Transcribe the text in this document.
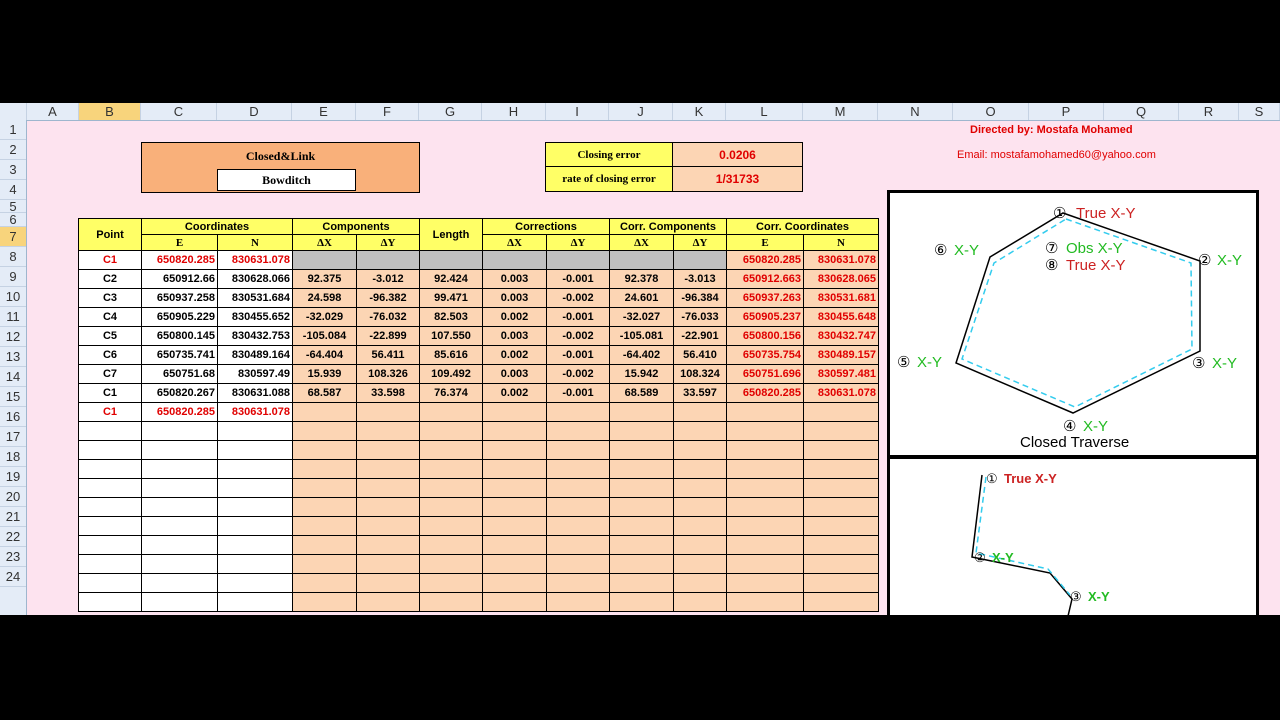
A	B	C	D	E	F	G	H	I	J	K	L	M	N	O	P	Q	R	S
1
2
3
4
5
6
7
8
9
10
11
12
13
14
15
16
17
18
19
20
21
22
23
24
Directed by: Mostafa Mohamed
Email: mostafamohamed60@yahoo.com
Closed&Link
Bowditch
Closing error	0.0206
rate of closing error	1/31733
Point	Coordinates		Components		Length	Corrections		Corr. Components		Corr. Coordinates	
	E	N	ΔX	ΔY		ΔX	ΔY	ΔX	ΔY	E	N
C1	650820.285	830631.078								650820.285	830631.078
C2	650912.66	830628.066	92.375	-3.012	92.424	0.003	-0.001	92.378	-3.013	650912.663	830628.065
C3	650937.258	830531.684	24.598	-96.382	99.471	0.003	-0.002	24.601	-96.384	650937.263	830531.681
C4	650905.229	830455.652	-32.029	-76.032	82.503	0.002	-0.001	-32.027	-76.033	650905.237	830455.648
C5	650800.145	830432.753	-105.084	-22.899	107.550	0.003	-0.002	-105.081	-22.901	650800.156	830432.747
C6	650735.741	830489.164	-64.404	56.411	85.616	0.002	-0.001	-64.402	56.410	650735.754	830489.157
C7	650751.68	830597.49	15.939	108.326	109.492	0.003	-0.002	15.942	108.324	650751.696	830597.481
C1	650820.267	830631.088	68.587	33.598	76.374	0.002	-0.001	68.589	33.597	650820.285	830631.078
C1	650820.285	830631.078									

① True X-Y
② X-Y
③ X-Y
④ X-Y
⑤ X-Y
⑥ X-Y	⑦ Obs X-Y
⑧ True X-Y
Closed Traverse
① True X-Y
② X-Y
③ X-Y
